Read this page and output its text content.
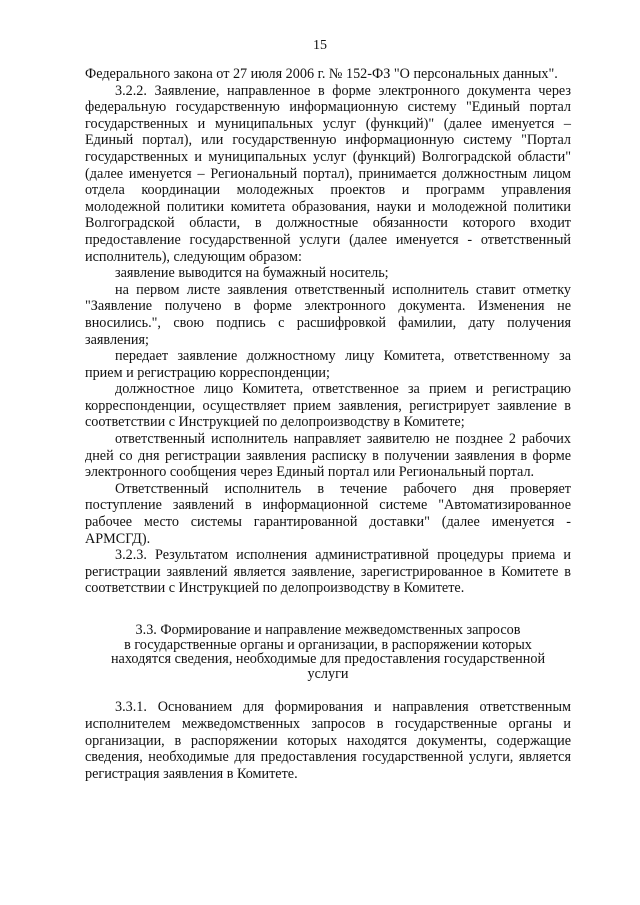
15

Федерального закона от 27 июля 2006 г. № 152-ФЗ "О персональных данных".

3.2.2. Заявление, направленное в форме электронного документа через федеральную государственную информационную систему "Единый портал государственных и муниципальных услуг (функций)" (далее именуется – Единый портал), или государственную информационную систему "Портал государственных и муниципальных услуг (функций) Волгоградской области" (далее именуется – Региональный портал), принимается должностным лицом отдела координации молодежных проектов и программ управления молодежной политики комитета образования, науки и молодежной политики Волгоградской области, в должностные обязанности которого входит предоставление государственной услуги (далее именуется - ответственный исполнитель), следующим образом:

заявление выводится на бумажный носитель;

на первом листе заявления ответственный исполнитель ставит отметку "Заявление получено в форме электронного документа. Изменения не вносились.", свою подпись с расшифровкой фамилии, дату получения заявления;

передает заявление должностному лицу Комитета, ответственному за прием и регистрацию корреспонденции;

должностное лицо Комитета, ответственное за прием и регистрацию корреспонденции, осуществляет прием заявления, регистрирует заявление в соответствии с Инструкцией по делопроизводству в Комитете;

ответственный исполнитель направляет заявителю не позднее 2 рабочих дней со дня регистрации заявления расписку в получении заявления в форме электронного сообщения через Единый портал или Региональный портал.

Ответственный исполнитель в течение рабочего дня проверяет поступление заявлений в информационной системе "Автоматизированное рабочее место системы гарантированной доставки" (далее именуется - АРМСГД).

3.2.3. Результатом исполнения административной процедуры приема и регистрации заявлений является заявление, зарегистрированное в Комитете в соответствии с Инструкцией по делопроизводству в Комитете.

3.3. Формирование и направление межведомственных запросов
в государственные органы и организации, в распоряжении которых
находятся сведения, необходимые для предоставления государственной
услуги

3.3.1. Основанием для формирования и направления ответственным исполнителем межведомственных запросов в государственные органы и организации, в распоряжении которых находятся документы, содержащие сведения, необходимые для предоставления государственной услуги, является регистрация заявления в Комитете.
